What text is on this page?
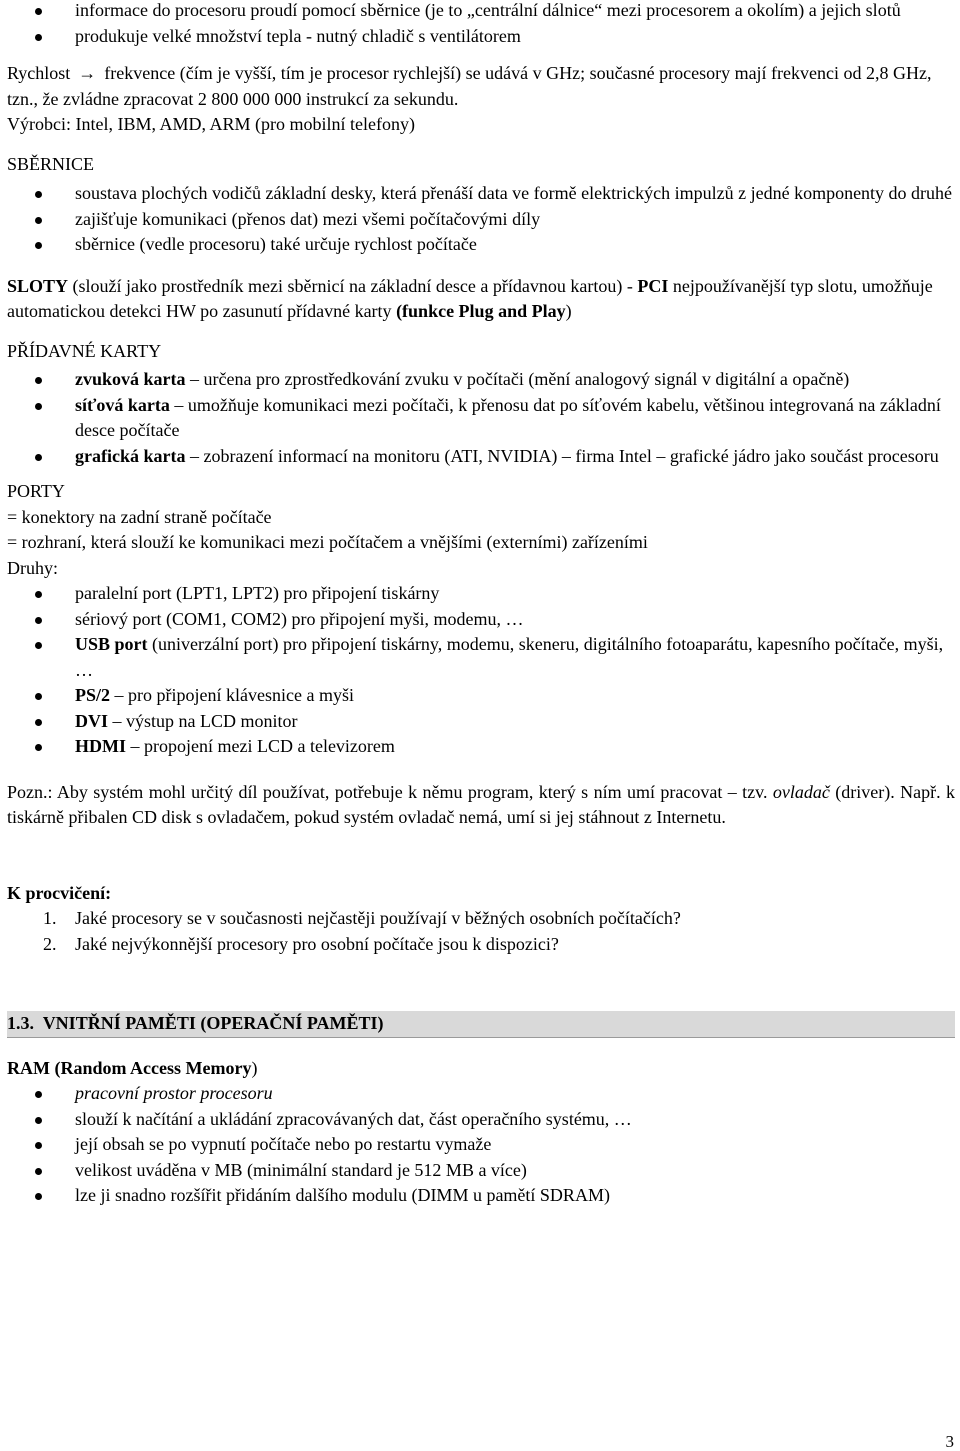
informace do procesoru proudí pomocí sběrnice (je to „centrální dálnice“ mezi procesorem a okolím) a jejich slotů
produkuje velké množství tepla - nutný chladič s ventilátorem

Rychlost → frekvence (čím je vyšší, tím je procesor rychlejší) se udává v GHz; současné procesory mají frekvenci od 2,8 GHz, tzn., že zvládne zpracovat 2 800 000 000 instrukcí za sekundu.

Výrobci: Intel, IBM, AMD, ARM (pro mobilní telefony)

SBĚRNICE

soustava plochých vodičů základní desky, která přenáší data ve formě elektrických impulzů z jedné komponenty do druhé
zajišťuje komunikaci (přenos dat) mezi všemi počítačovými díly
sběrnice (vedle procesoru) také určuje rychlost počítače

SLOTY (slouží jako prostředník mezi sběrnicí na základní desce a přídavnou kartou) - PCI nejpoužívanější typ slotu, umožňuje automatickou detekci HW po zasunutí přídavné karty (funkce Plug and Play)

PŘÍDAVNÉ KARTY

zvuková karta – určena pro zprostředkování zvuku v počítači (mění analogový signál v digitální a opačně)
síťová karta – umožňuje komunikaci mezi počítači, k přenosu dat po síťovém kabelu, většinou integrovaná na základní desce počítače
grafická karta – zobrazení informací na monitoru (ATI, NVIDIA) – firma Intel – grafické jádro jako součást procesoru

PORTY

= konektory na zadní straně počítače

= rozhraní, která slouží ke komunikaci mezi počítačem a vnějšími (externími) zařízeními

Druhy:

paralelní port (LPT1, LPT2) pro připojení tiskárny
sériový port (COM1, COM2) pro připojení myši, modemu, …
USB port (univerzální port) pro připojení tiskárny, modemu, skeneru, digitálního fotoaparátu, kapesního počítače, myši, …
PS/2 – pro připojení klávesnice a myši
DVI – výstup na LCD monitor
HDMI – propojení mezi LCD a televizorem

Pozn.: Aby systém mohl určitý díl používat, potřebuje k němu program, který s ním umí pracovat – tzv. ovladač (driver). Např. k tiskárně přibalen CD disk s ovladačem, pokud systém ovladač nemá, umí si jej stáhnout z Internetu.

K procvičení:

1. Jaké procesory se v současnosti nejčastěji používají v běžných osobních počítačích?
2. Jaké nejvýkonnější procesory pro osobní počítače jsou k dispozici?
1.3. VNITŘNÍ PAMĚTI (OPERAČNÍ PAMĚTI)

RAM (Random Access Memory)

pracovní prostor procesoru
slouží k načítání a ukládání zpracovávaných dat, část operačního systému, …
její obsah se po vypnutí počítače nebo po restartu vymaže
velikost uváděna v MB (minimální standard je 512 MB a více)
lze ji snadno rozšířit přidáním dalšího modulu (DIMM u pamětí SDRAM)
3
